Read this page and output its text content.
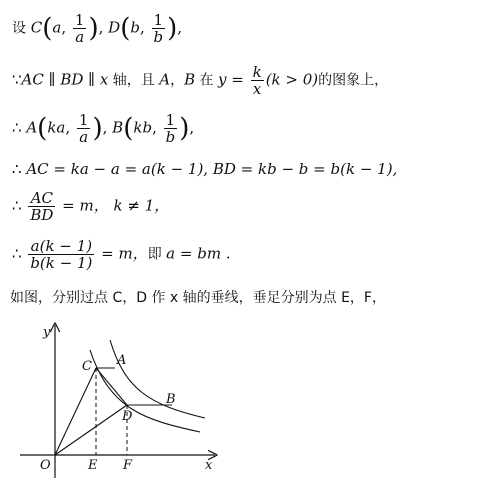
设 C(a, $\frac{1}{a}$ ), D(b, $\frac{1}{b}$ ),
∵AC ∥ BD ∥ x 轴，且 A，B 在 $y = \frac{k}{x} (k > 0)$的图象上，
∴ A(ka, $\frac{1}{a}$ ), B(kb, $\frac{1}{b}$ ),
∴ AC = ka − a = a(k − 1), BD = kb − b = b(k − 1),
∴ $\frac{AC}{BD} = m$， k ≠ 1，
∴ $\frac{a(k - 1)}{b(k - 1)} = m$，即 a = bm .
如图，分别过点 C，D 作 x 轴的垂线，垂足分别为点 E，F，
y
x
O
C A
B
D
E F
